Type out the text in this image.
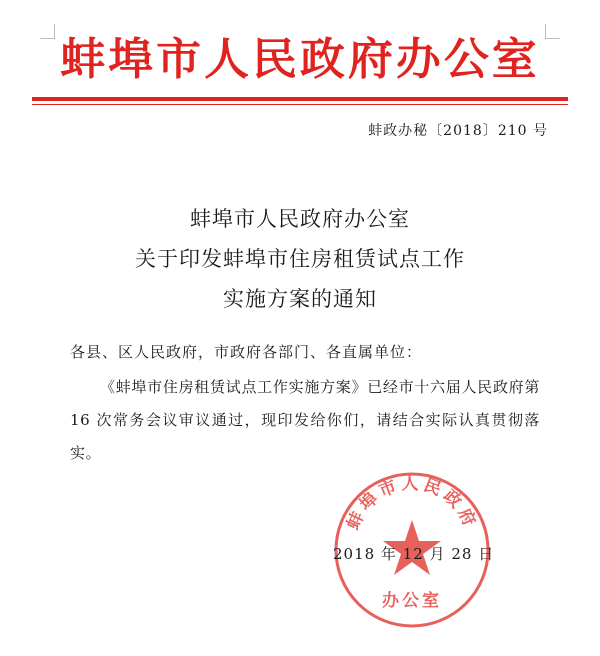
蚌埠市人民政府办公室
蚌政办秘〔2018〕210 号
蚌埠市人民政府办公室
关于印发蚌埠市住房租赁试点工作
实施方案的通知
各县、区人民政府，市政府各部门、各直属单位：
《蚌埠市住房租赁试点工作实施方案》已经市十六届人民政府第 16 次常务会议审议通过，现印发给你们，请结合实际认真贯彻落实。
蚌埠市人民政府
办公室
2018 年 12 月 28 日
